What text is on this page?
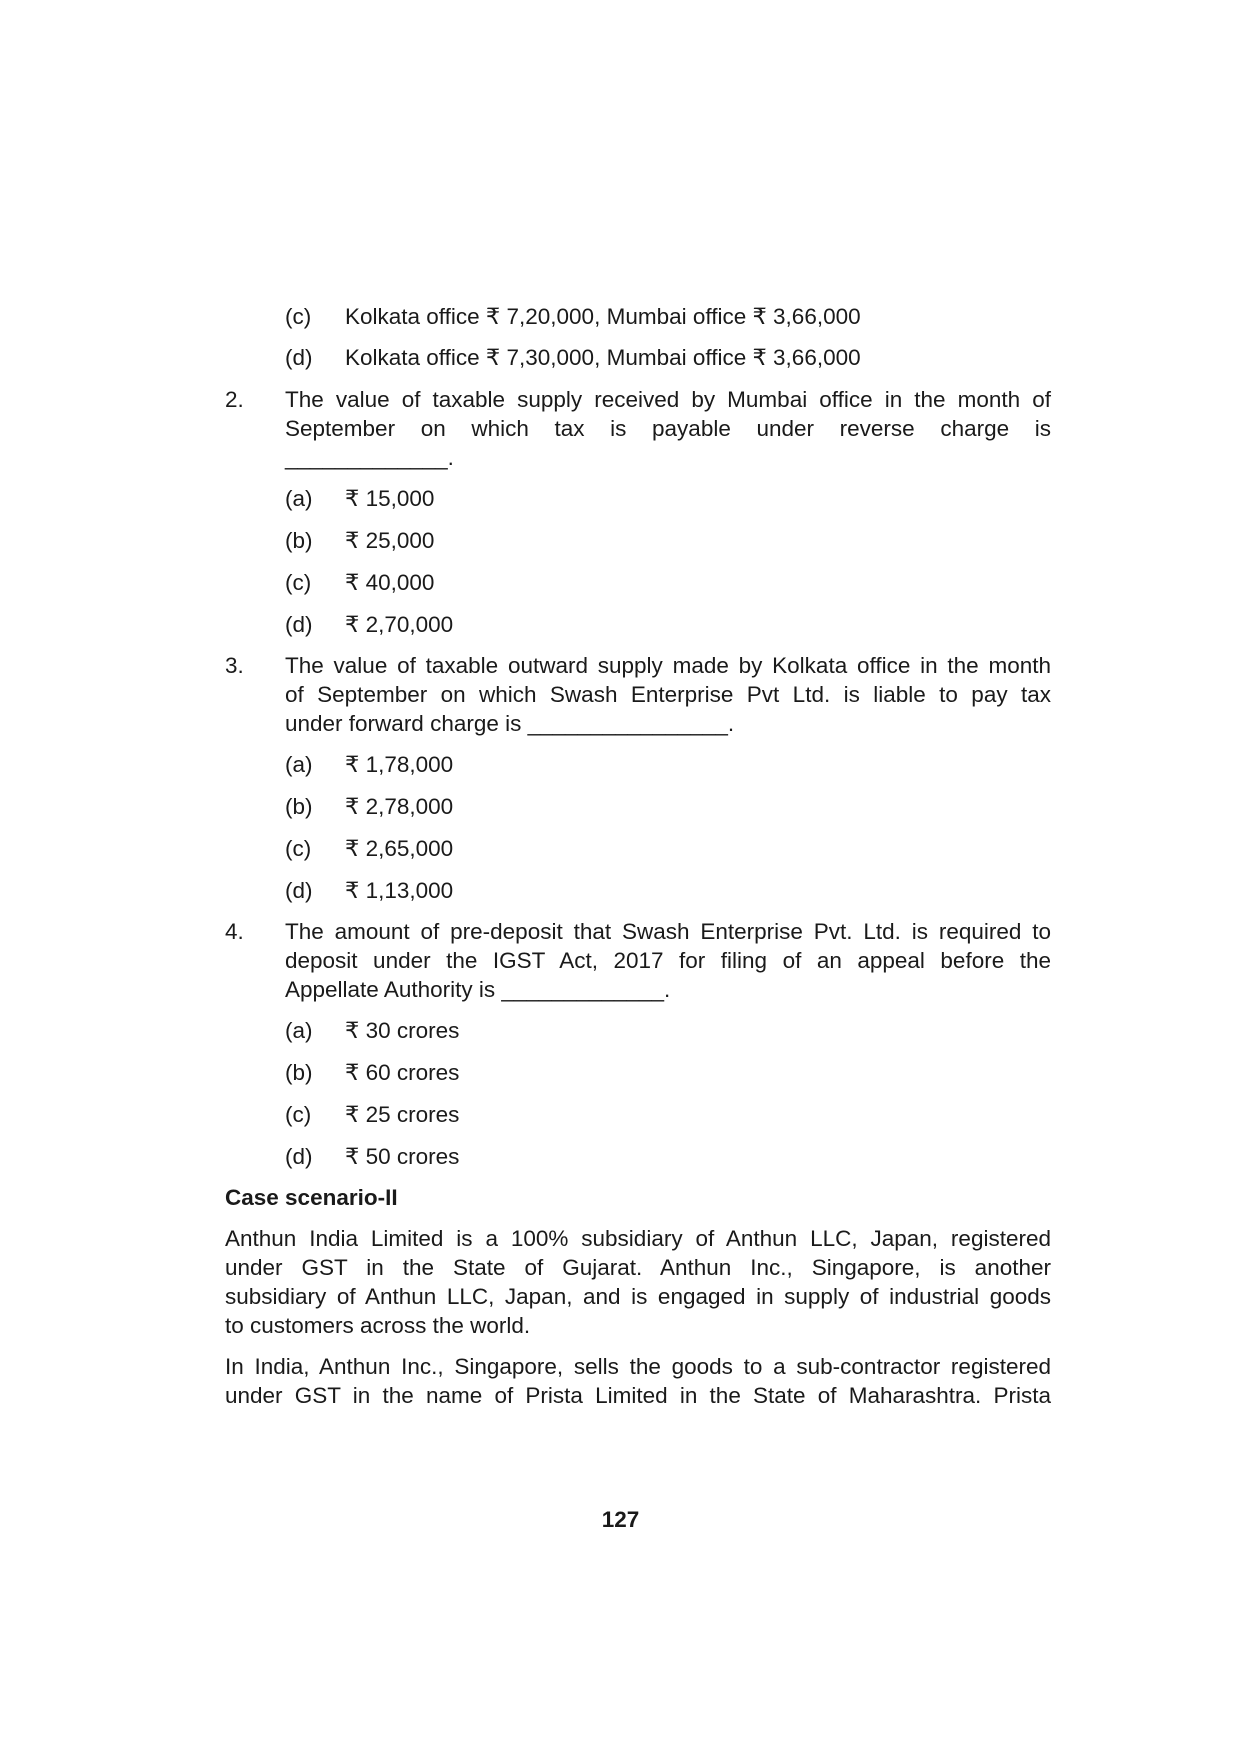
(c) Kolkata office ₹ 7,20,000, Mumbai office ₹ 3,66,000
(d) Kolkata office ₹ 7,30,000, Mumbai office ₹ 3,66,000
2. The value of taxable supply received by Mumbai office in the month of
September on which tax is payable under reverse charge is
_____________.
(a) ₹ 15,000
(b) ₹ 25,000
(c) ₹ 40,000
(d) ₹ 2,70,000
3. The value of taxable outward supply made by Kolkata office in the month
of September on which Swash Enterprise Pvt Ltd. is liable to pay tax
under forward charge is ________________.
(a) ₹ 1,78,000
(b) ₹ 2,78,000
(c) ₹ 2,65,000
(d) ₹ 1,13,000
4. The amount of pre-deposit that Swash Enterprise Pvt. Ltd. is required to
deposit under the IGST Act, 2017 for filing of an appeal before the
Appellate Authority is _____________.
(a) ₹ 30 crores
(b) ₹ 60 crores
(c) ₹ 25 crores
(d) ₹ 50 crores
Case scenario-II
Anthun India Limited is a 100% subsidiary of Anthun LLC, Japan, registered
under GST in the State of Gujarat. Anthun Inc., Singapore, is another
subsidiary of Anthun LLC, Japan, and is engaged in supply of industrial goods
to customers across the world.
In India, Anthun Inc., Singapore, sells the goods to a sub-contractor registered
under GST in the name of Prista Limited in the State of Maharashtra. Prista
127
